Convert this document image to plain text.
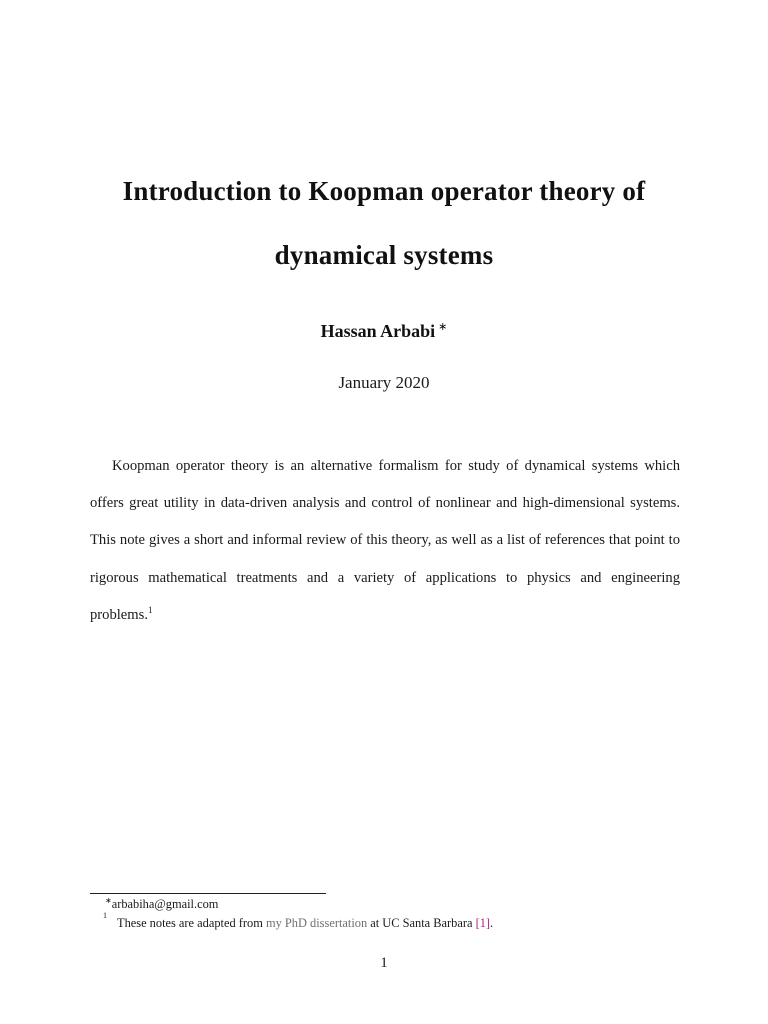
Introduction to Koopman operator theory of
dynamical systems
Hassan Arbabi ∗
January 2020

Koopman operator theory is an alternative formalism for study of dynamical systems which offers great utility in data-driven analysis and control of nonlinear and high-dimensional systems. This note gives a short and informal review of this theory, as well as a list of references that point to rigorous mathematical treatments and a variety of applications to physics and engineering problems.$^1$

∗arbabiha@gmail.com
1
These notes are adapted from my PhD dissertation at UC Santa Barbara [1].
1
